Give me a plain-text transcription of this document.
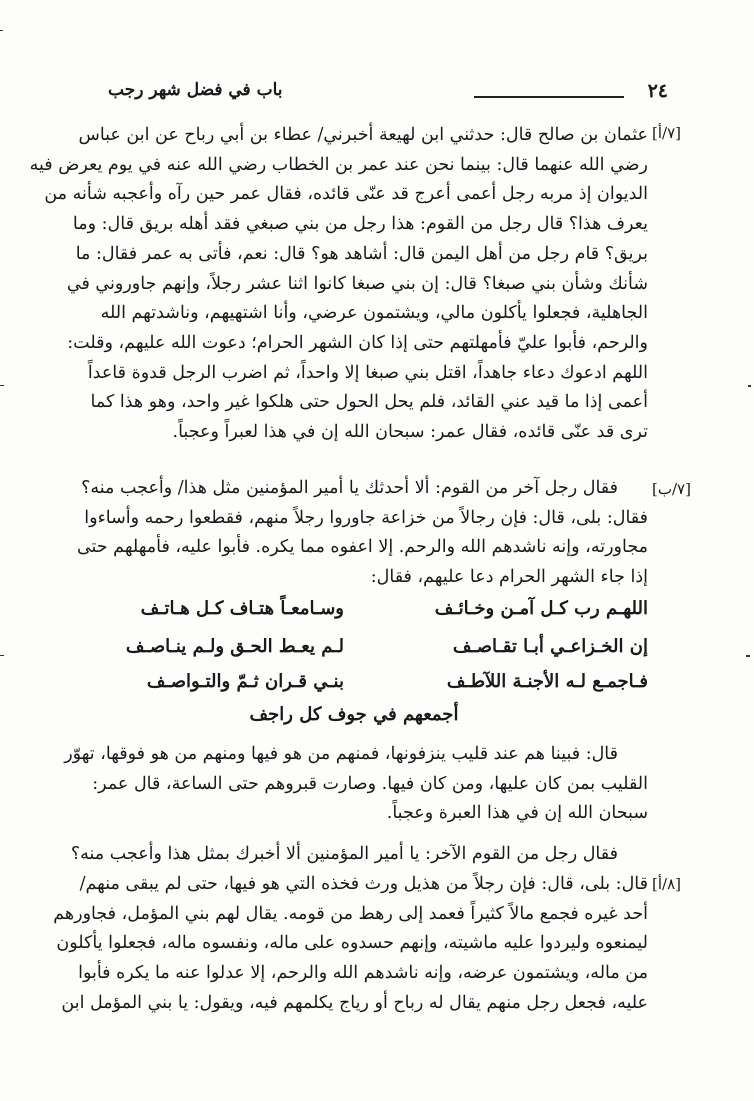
٢٤
باب في فضل شهر رجب
[٧/أ]
عثمان بن صالح قال: حدثني ابن لهيعة أخبرني/ عطاء بن أبي رباح عن ابن عباس
رضي الله عنهما قال: بينما نحن عند عمر بن الخطاب رضي الله عنه في يوم يعرض فيه
الديوان إذ مربه رجل أعمى أعرج قد عنّى قائده، فقال عمر حين رآه وأعجبه شأنه من
يعرف هذا؟ قال رجل من القوم: هذا رجل من بني صبغي فقد أهله بريق قال: وما
بريق؟ قام رجل من أهل اليمن قال: أشاهد هو؟ قال: نعم، فأتى به عمر فقال: ما
شأنك وشأن بني صبغا؟ قال: إن بني صبغا كانوا اثنا عشر رجلاً، وإنهم جاوروني في
الجاهلية، فجعلوا يأكلون مالي، ويشتمون عرضي، وأنا اشتهيهم، وناشدتهم الله
والرحم، فأبوا عليّ فأمهلتهم حتى إذا كان الشهر الحرام؛ دعوت الله عليهم، وقلت:
اللهم ادعوك دعاء جاهداً، اقتل بني صبغا إلا واحداً، ثم اضرب الرجل قدوة قاعداً
أعمى إذا ما قيد عني القائد، فلم يحل الحول حتى هلكوا غير واحد، وهو هذا كما
ترى قد عنّى قائده، فقال عمر: سبحان الله إن في هذا لعبراً وعجباً.
[٧/ب]
فقال رجل آخر من القوم: ألا أحدثك يا أمير المؤمنين مثل هذا/ وأعجب منه؟
فقال: بلى، قال: فإن رجالاً من خزاعة جاوروا رجلاً منهم، فقطعوا رحمه وأساءوا
مجاورته، وإنه ناشدهم الله والرحم. إلا اعفوه مما يكره. فأبوا عليه، فأمهلهم حتى
إذا جاء الشهر الحرام دعا عليهم، فقال:
اللهـم رب كـل آمـن وخـائـف
وسـامعـاً هتـاف كـل هـاتـف
إن الخـزاعـي أبـا تقـاصـف
لـم يعـط الحـق ولـم ينـاصـف
فـاجمـع لـه الأجنـة اللآطـف
بنـي قـران ثـمّ والتـواصـف
أجمعهم في جوف كل راجف
قال: فبينا هم عند قليب ينزفونها، فمنهم من هو فيها ومنهم من هو فوقها، تهوّر
القليب بمن كان عليها، ومن كان فيها. وصارت قبروهم حتى الساعة، قال عمر:
سبحان الله إن في هذا العبرة وعجباً.
فقال رجل من القوم الآخر: يا أمير المؤمنين ألا أخبرك بمثل هذا وأعجب منه؟
[٨/أ]
قال: بلى، قال: فإن رجلاً من هذيل ورث فخذه التي هو فيها، حتى لم يبقى منهم/
أحد غيره فجمع مالاً كثيراً فعمد إلى رهط من قومه. يقال لهم بني المؤمل، فجاورهم
ليمنعوه وليردوا عليه ماشيته، وإنهم حسدوه على ماله، ونفسوه ماله، فجعلوا يأكلون
من ماله، ويشتمون عرضه، وإنه ناشدهم الله والرحم، إلا عدلوا عنه ما يكره فأبوا
عليه، فجعل رجل منهم يقال له رباح أو رياج يكلمهم فيه، ويقول: يا بني المؤمل ابن
